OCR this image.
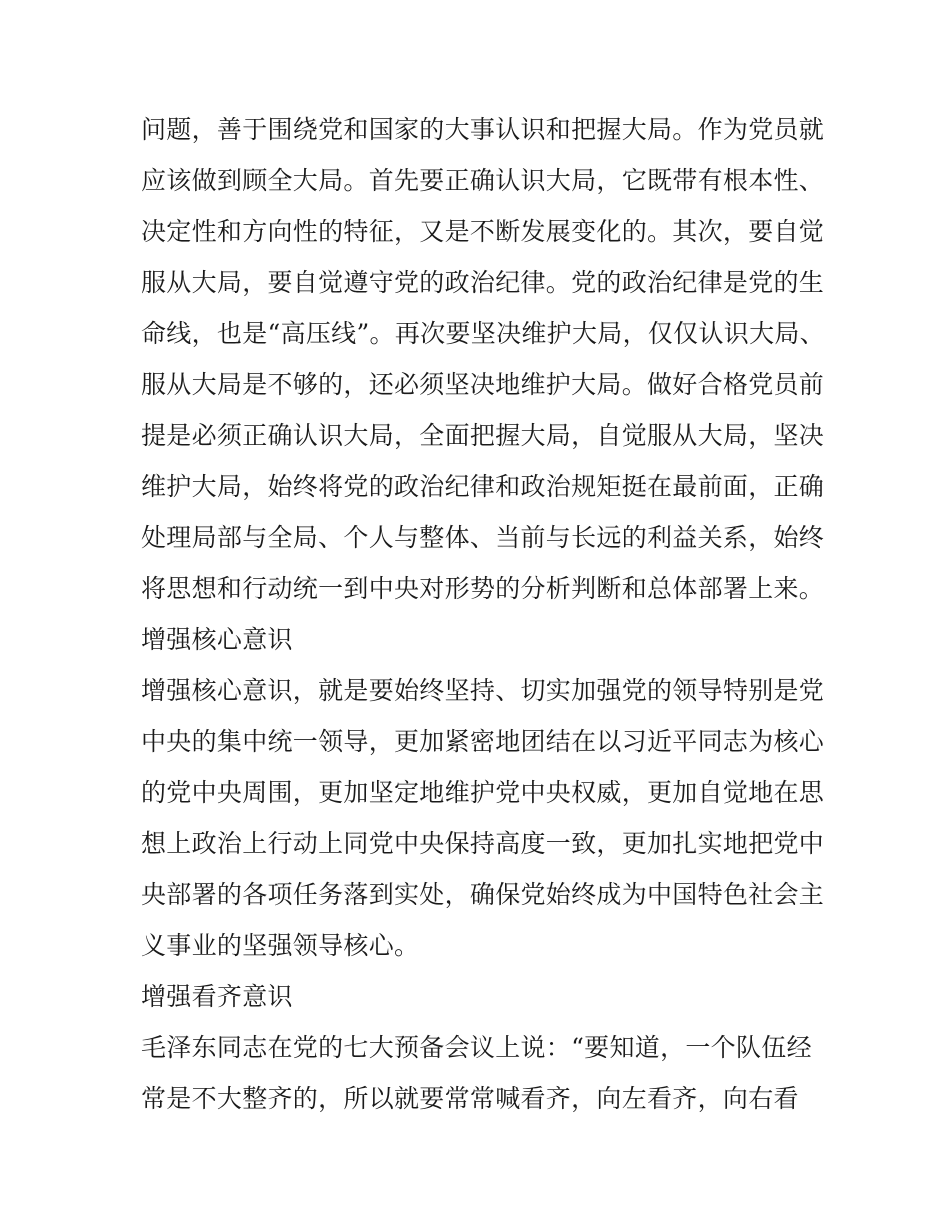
问题，善于围绕党和国家的大事认识和把握大局。作为党员就
应该做到顾全大局。首先要正确认识大局，它既带有根本性、
决定性和方向性的特征，又是不断发展变化的。其次，要自觉
服从大局，要自觉遵守党的政治纪律。党的政治纪律是党的生
命线，也是“高压线”。再次要坚决维护大局，仅仅认识大局、
服从大局是不够的，还必须坚决地维护大局。做好合格党员前
提是必须正确认识大局，全面把握大局，自觉服从大局，坚决
维护大局，始终将党的政治纪律和政治规矩挺在最前面，正确
处理局部与全局、个人与整体、当前与长远的利益关系，始终
将思想和行动统一到中央对形势的分析判断和总体部署上来。
增强核心意识
增强核心意识，就是要始终坚持、切实加强党的领导特别是党
中央的集中统一领导，更加紧密地团结在以习近平同志为核心
的党中央周围，更加坚定地维护党中央权威，更加自觉地在思
想上政治上行动上同党中央保持高度一致，更加扎实地把党中
央部署的各项任务落到实处，确保党始终成为中国特色社会主
义事业的坚强领导核心。
增强看齐意识
毛泽东同志在党的七大预备会议上说：“要知道，一个队伍经
常是不大整齐的，所以就要常常喊看齐，向左看齐，向右看
